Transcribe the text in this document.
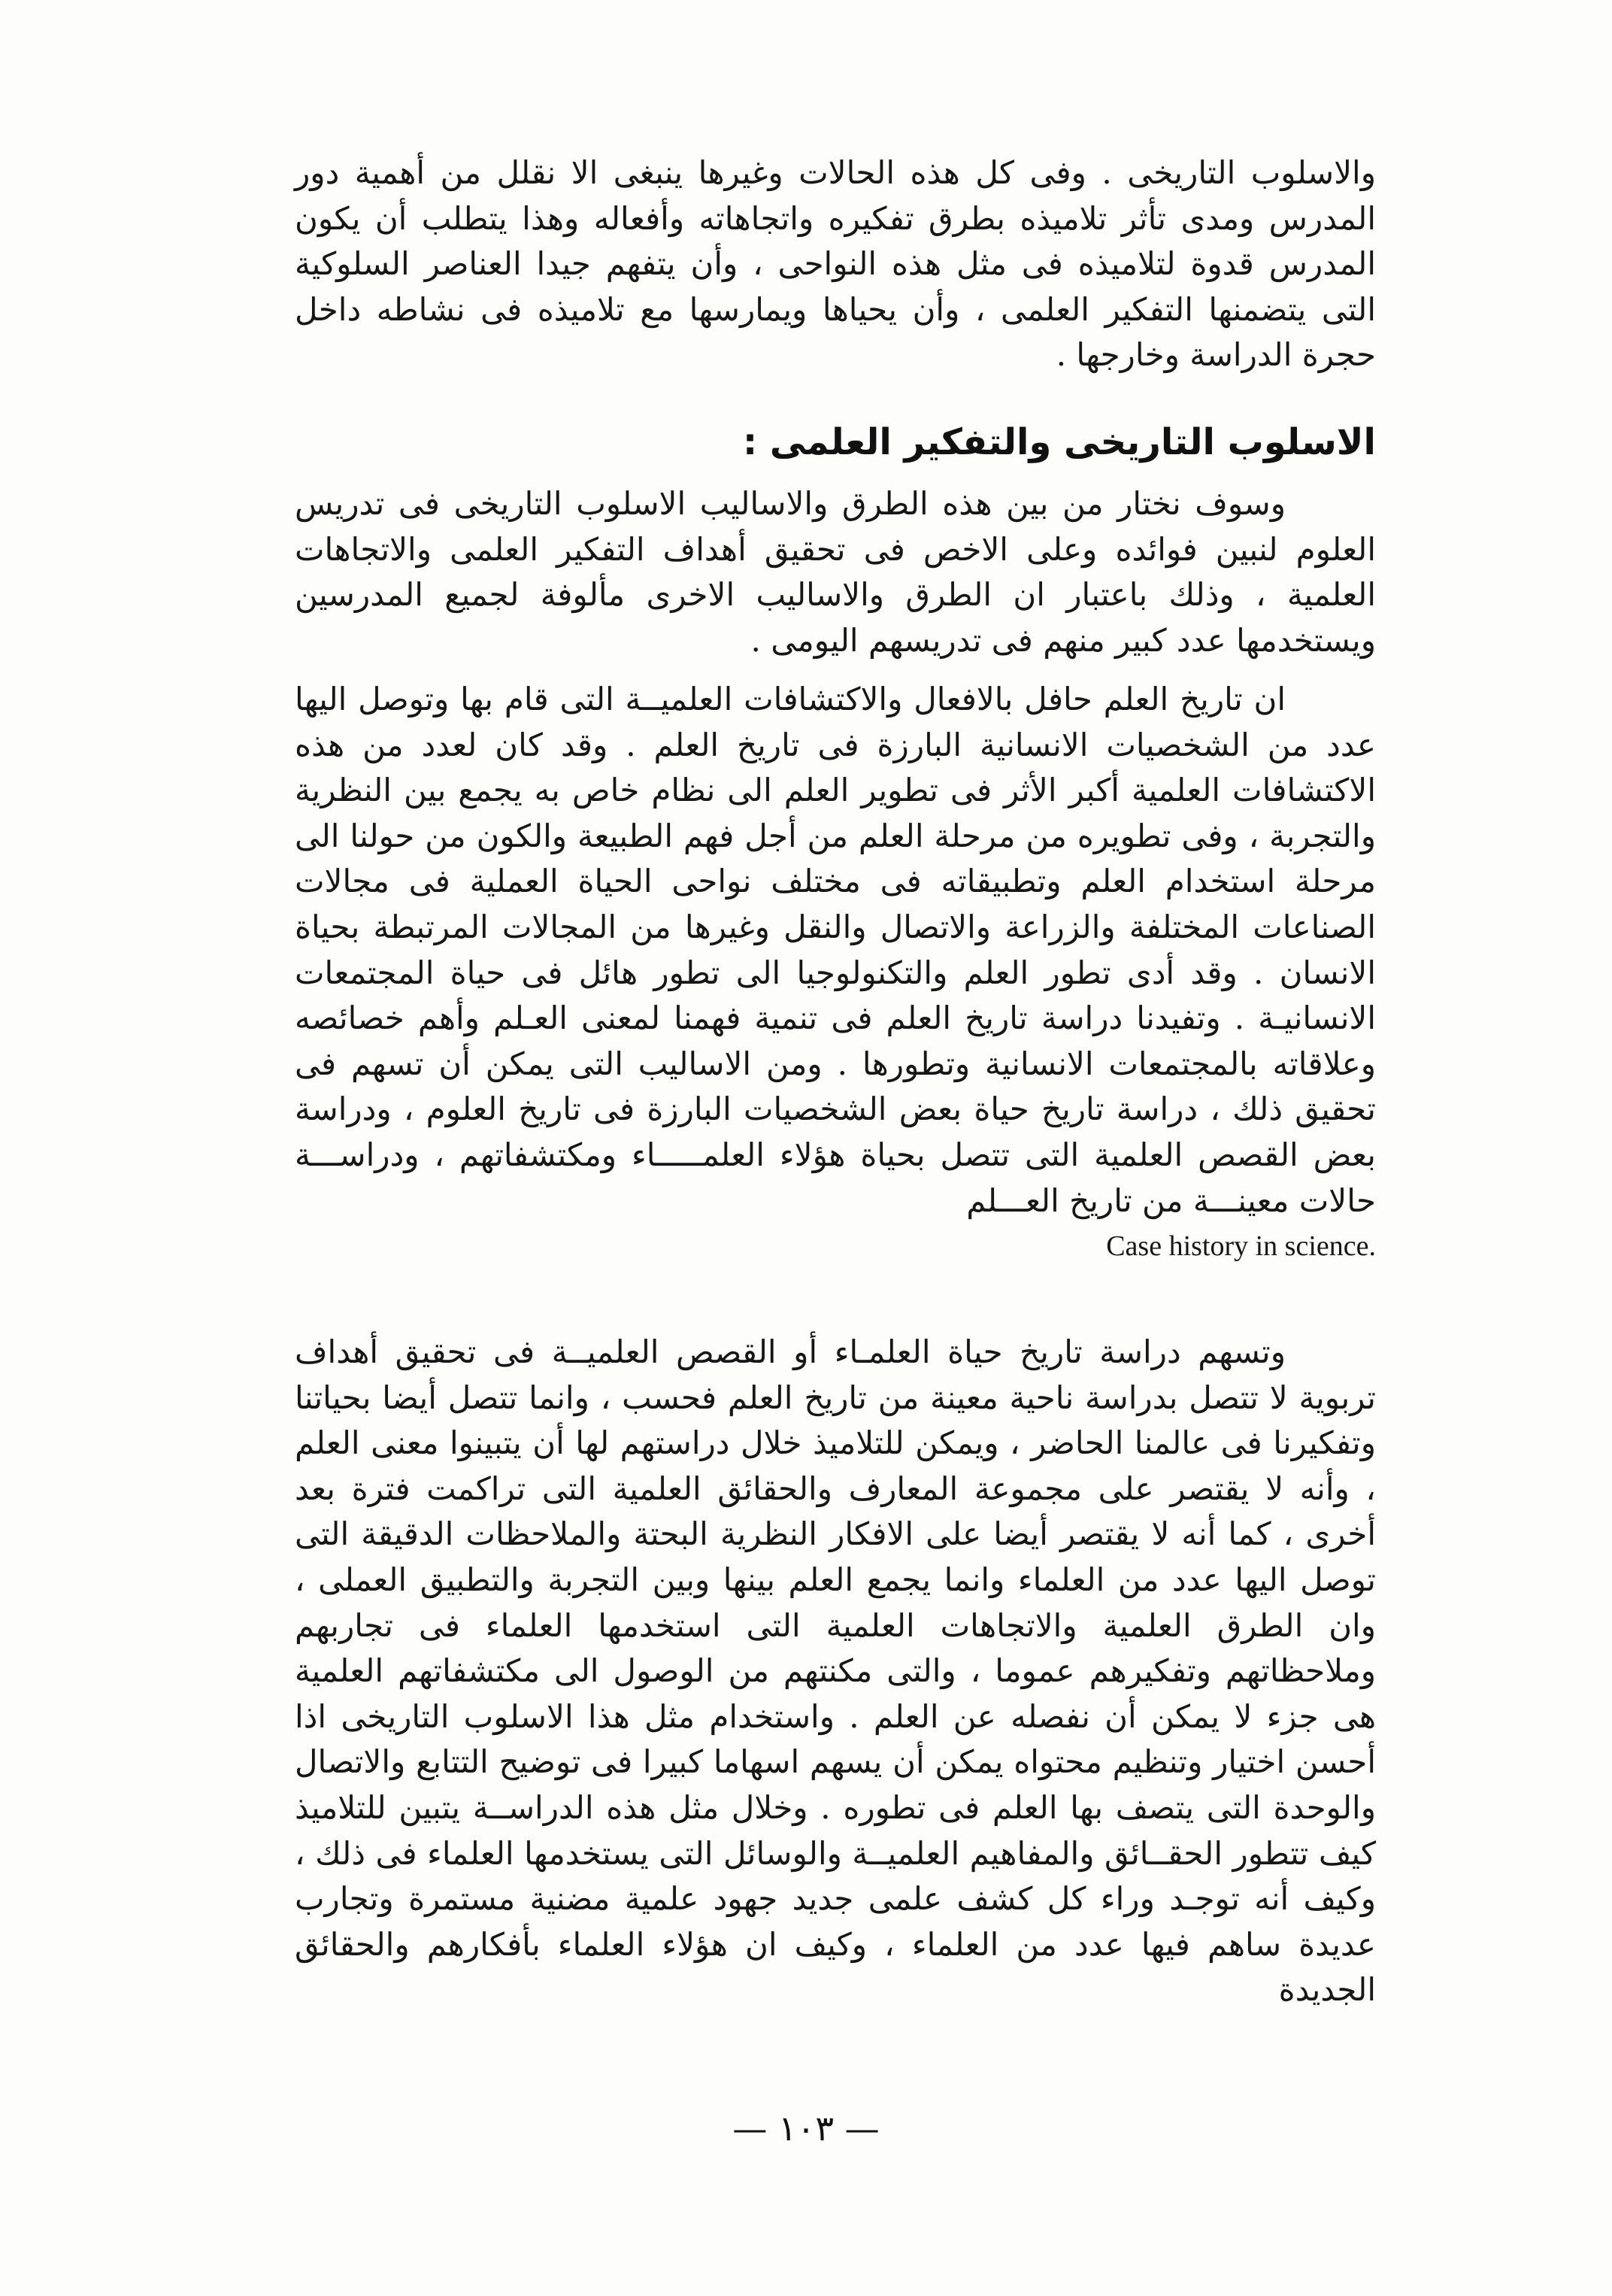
والاسلوب التاريخى . وفى كل هذه الحالات وغيرها ينبغى الا نقلل من أهمية دور المدرس ومدى تأثر تلاميذه بطرق تفكيره واتجاهاته وأفعاله وهذا يتطلب أن يكون المدرس قدوة لتلاميذه فى مثل هذه النواحى ، وأن يتفهم جيدا العناصر السلوكية التى يتضمنها التفكير العلمى ، وأن يحياها ويمارسها مع تلاميذه فى نشاطه داخل حجرة الدراسة وخارجها .

الاسلوب التاريخى والتفكير العلمى :

وسوف نختار من بين هذه الطرق والاساليب الاسلوب التاريخى فى تدريس العلوم لنبين فوائده وعلى الاخص فى تحقيق أهداف التفكير العلمى والاتجاهات العلمية ، وذلك باعتبار ان الطرق والاساليب الاخرى مألوفة لجميع المدرسين ويستخدمها عدد كبير منهم فى تدريسهم اليومى .

ان تاريخ العلم حافل بالافعال والاكتشافات العلميــة التى قام بها وتوصل اليها عدد من الشخصيات الانسانية البارزة فى تاريخ العلم . وقد كان لعدد من هذه الاكتشافات العلمية أكبر الأثر فى تطوير العلم الى نظام خاص به يجمع بين النظرية والتجربة ، وفى تطويره من مرحلة العلم من أجل فهم الطبيعة والكون من حولنا الى مرحلة استخدام العلم وتطبيقاته فى مختلف نواحى الحياة العملية فى مجالات الصناعات المختلفة والزراعة والاتصال والنقل وغيرها من المجالات المرتبطة بحياة الانسان . وقد أدى تطور العلم والتكنولوجيا الى تطور هائل فى حياة المجتمعات الانسانيـة . وتفيدنا دراسة تاريخ العلم فى تنمية فهمنا لمعنى العـلم وأهم خصائصه وعلاقاته بالمجتمعات الانسانية وتطورها . ومن الاساليب التى يمكن أن تسهم فى تحقيق ذلك ، دراسة تاريخ حياة بعض الشخصيات البارزة فى تاريخ العلوم ، ودراسة بعض القصص العلمية التى تتصل بحياة هؤلاء العلمـــــاء ومكتشفاتهم ، ودراســـة حالات معينـــة من تاريخ العـــلم

Case history in science.

وتسهم دراسة تاريخ حياة العلمـاء أو القصص العلميــة فى تحقيق أهداف تربوية لا تتصل بدراسة ناحية معينة من تاريخ العلم فحسب ، وانما تتصل أيضا بحياتنا وتفكيرنا فى عالمنا الحاضر ، ويمكن للتلاميذ خلال دراستهم لها أن يتبينوا معنى العلم ، وأنه لا يقتصر على مجموعة المعارف والحقائق العلمية التى تراكمت فترة بعد أخرى ، كما أنه لا يقتصر أيضا على الافكار النظرية البحتة والملاحظات الدقيقة التى توصل اليها عدد من العلماء وانما يجمع العلم بينها وبين التجربة والتطبيق العملى ، وان الطرق العلمية والاتجاهات العلمية التى استخدمها العلماء فى تجاربهم وملاحظاتهم وتفكيرهم عموما ، والتى مكنتهم من الوصول الى مكتشفاتهم العلمية هى جزء لا يمكن أن نفصله عن العلم . واستخدام مثل هذا الاسلوب التاريخى اذا أحسن اختيار وتنظيم محتواه يمكن أن يسهم اسهاما كبيرا فى توضيح التتابع والاتصال والوحدة التى يتصف بها العلم فى تطوره . وخلال مثل هذه الدراســة يتبين للتلاميذ كيف تتطور الحقــائق والمفاهيم العلميــة والوسائل التى يستخدمها العلماء فى ذلك ، وكيف أنه توجـد وراء كل كشف علمى جديد جهود علمية مضنية مستمرة وتجارب عديدة ساهم فيها عدد من العلماء ، وكيف ان هؤلاء العلماء بأفكارهم والحقائق الجديدة

— ١٠٣ —
